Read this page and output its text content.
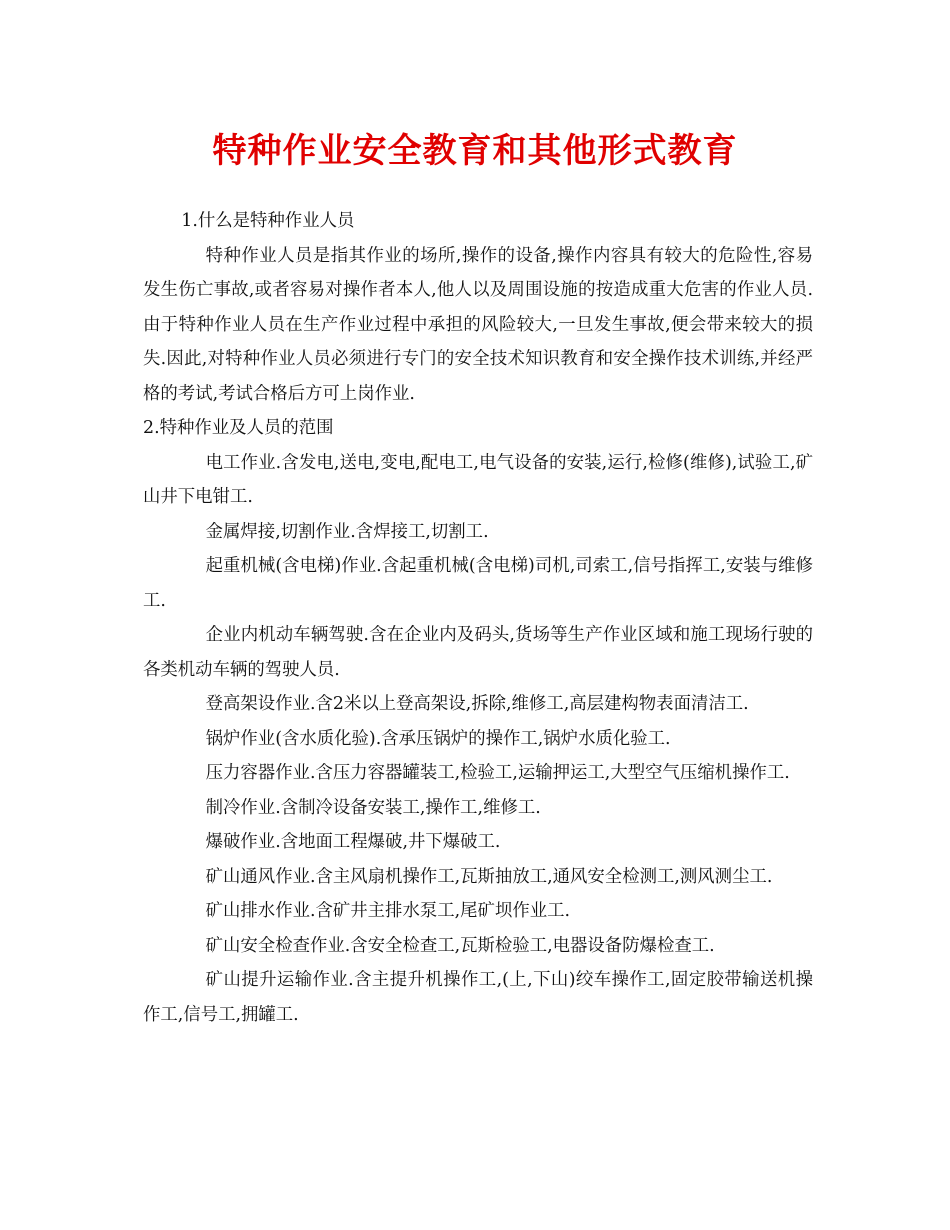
特种作业安全教育和其他形式教育

1.什么是特种作业人员

特种作业人员是指其作业的场所,操作的设备,操作内容具有较大的危险性,容易发生伤亡事故,或者容易对操作者本人,他人以及周围设施的按造成重大危害的作业人员.由于特种作业人员在生产作业过程中承担的风险较大,一旦发生事故,便会带来较大的损失.因此,对特种作业人员必须进行专门的安全技术知识教育和安全操作技术训练,并经严格的考试,考试合格后方可上岗作业.

2.特种作业及人员的范围

电工作业.含发电,送电,变电,配电工,电气设备的安装,运行,检修(维修),试验工,矿山井下电钳工.

金属焊接,切割作业.含焊接工,切割工.

起重机械(含电梯)作业.含起重机械(含电梯)司机,司索工,信号指挥工,安装与维修工.

企业内机动车辆驾驶.含在企业内及码头,货场等生产作业区域和施工现场行驶的各类机动车辆的驾驶人员.

登高架设作业.含2米以上登高架设,拆除,维修工,高层建构物表面清洁工.

锅炉作业(含水质化验).含承压锅炉的操作工,锅炉水质化验工.

压力容器作业.含压力容器罐装工,检验工,运输押运工,大型空气压缩机操作工.

制冷作业.含制冷设备安装工,操作工,维修工.

爆破作业.含地面工程爆破,井下爆破工.

矿山通风作业.含主风扇机操作工,瓦斯抽放工,通风安全检测工,测风测尘工.

矿山排水作业.含矿井主排水泵工,尾矿坝作业工.

矿山安全检查作业.含安全检查工,瓦斯检验工,电器设备防爆检查工.

矿山提升运输作业.含主提升机操作工,(上,下山)绞车操作工,固定胶带输送机操作工,信号工,拥罐工.
